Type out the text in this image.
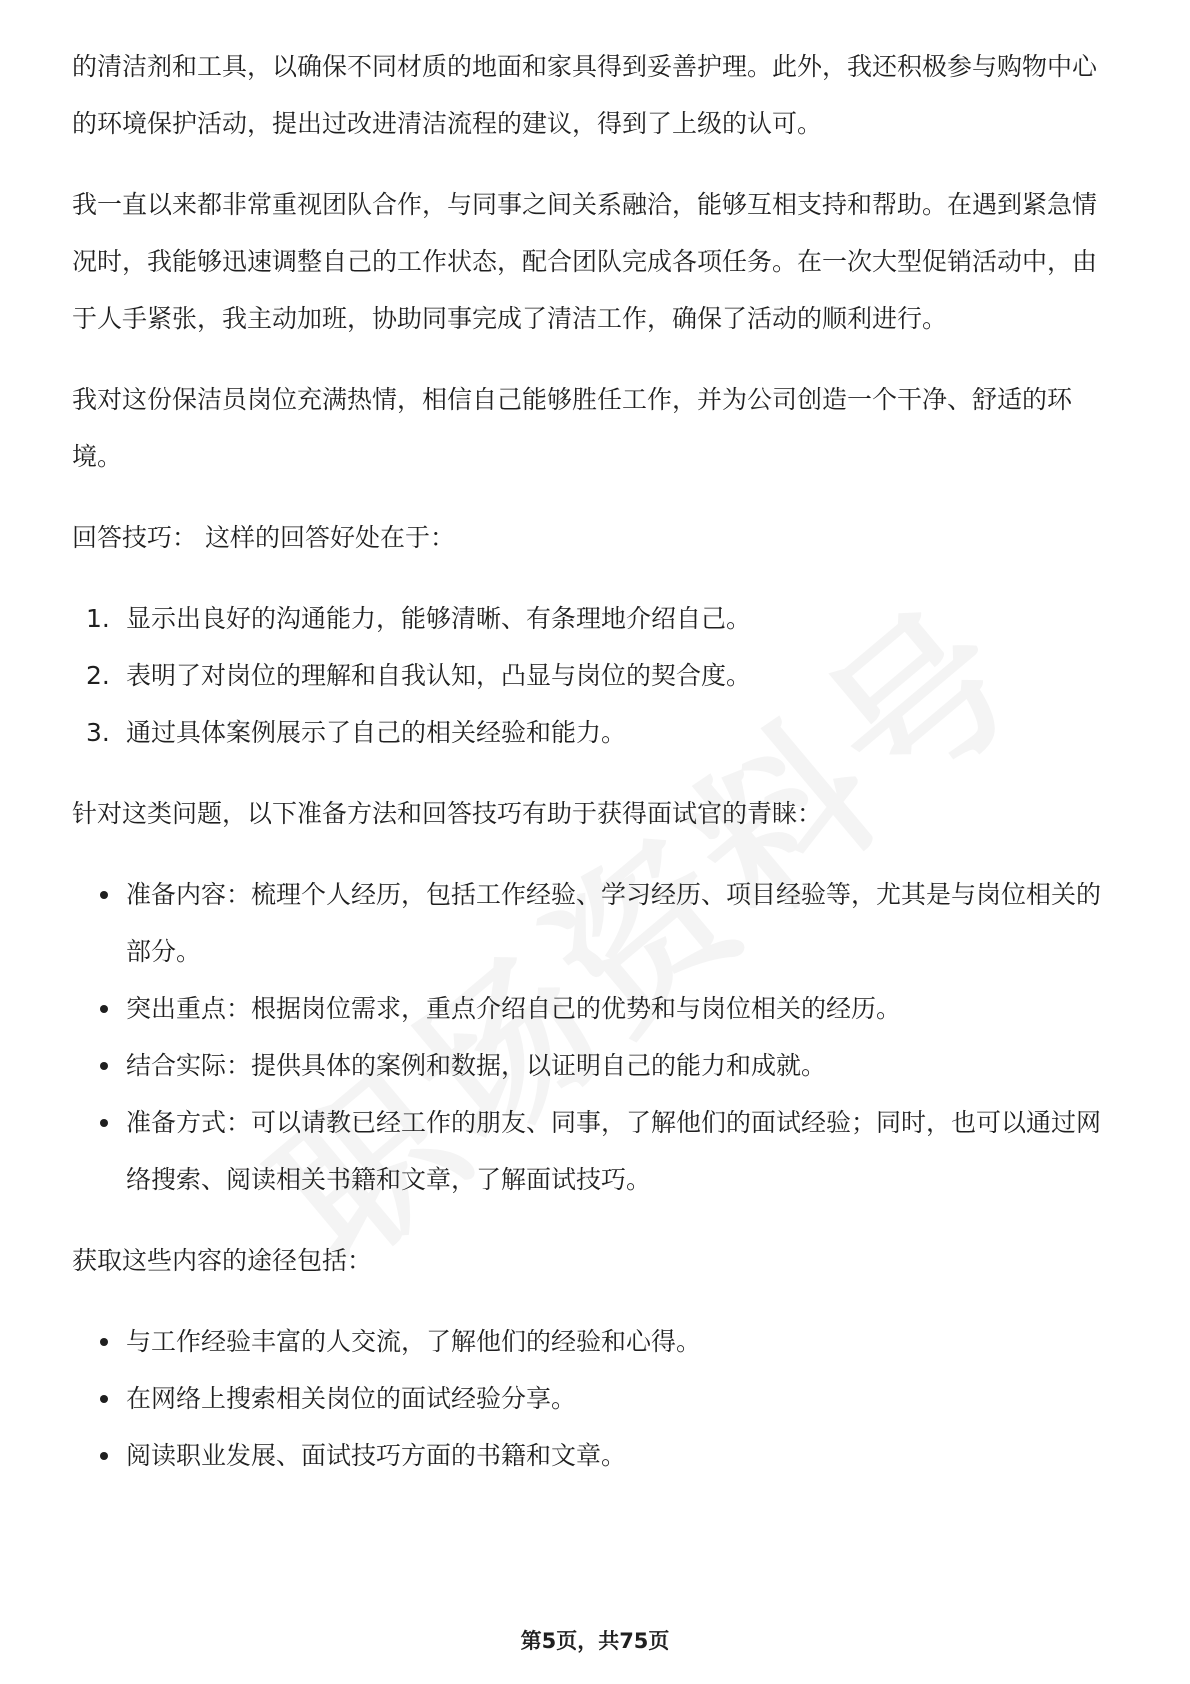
的清洁剂和工具，以确保不同材质的地面和家具得到妥善护理。此外，我还积极参与购物中心的环境保护活动，提出过改进清洁流程的建议，得到了上级的认可。

我一直以来都非常重视团队合作，与同事之间关系融洽，能够互相支持和帮助。在遇到紧急情况时，我能够迅速调整自己的工作状态，配合团队完成各项任务。在一次大型促销活动中，由于人手紧张，我主动加班，协助同事完成了清洁工作，确保了活动的顺利进行。

我对这份保洁员岗位充满热情，相信自己能够胜任工作，并为公司创造一个干净、舒适的环境。

回答技巧： 这样的回答好处在于：

1. 显示出良好的沟通能力，能够清晰、有条理地介绍自己。
2. 表明了对岗位的理解和自我认知，凸显与岗位的契合度。
3. 通过具体案例展示了自己的相关经验和能力。

针对这类问题，以下准备方法和回答技巧有助于获得面试官的青睐：

准备内容：梳理个人经历，包括工作经验、学习经历、项目经验等，尤其是与岗位相关的部分。
突出重点：根据岗位需求，重点介绍自己的优势和与岗位相关的经历。
结合实际：提供具体的案例和数据，以证明自己的能力和成就。
准备方式：可以请教已经工作的朋友、同事，了解他们的面试经验；同时，也可以通过网络搜索、阅读相关书籍和文章，了解面试技巧。

获取这些内容的途径包括：

与工作经验丰富的人交流，了解他们的经验和心得。
在网络上搜索相关岗位的面试经验分享。
阅读职业发展、面试技巧方面的书籍和文章。
第5页，共75页
